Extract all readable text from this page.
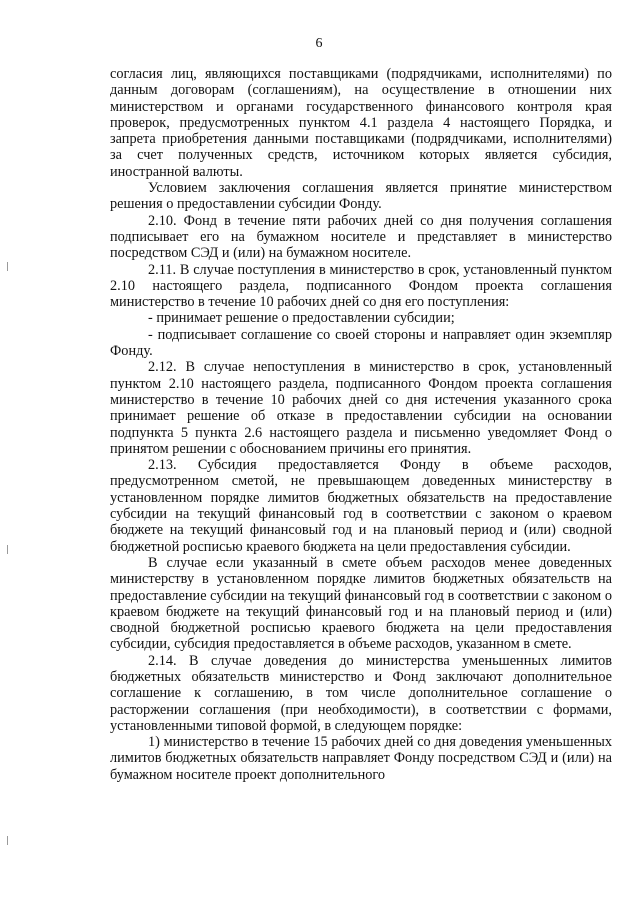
6

согласия лиц, являющихся поставщиками (подрядчиками, исполнителями) по данным договорам (соглашениям), на осуществление в отношении них министерством и органами государственного финансового контроля края проверок, предусмотренных пунктом 4.1 раздела 4 настоящего Порядка, и запрета приобретения данными поставщиками (подрядчиками, исполнителями) за счет полученных средств, источником которых является субсидия, иностранной валюты.

Условием заключения соглашения является принятие министерством решения о предоставлении субсидии Фонду.

2.10. Фонд в течение пяти рабочих дней со дня получения соглашения подписывает его на бумажном носителе и представляет в министерство посредством СЭД и (или) на бумажном носителе.

2.11. В случае поступления в министерство в срок, установленный пунктом 2.10 настоящего раздела, подписанного Фондом проекта соглашения министерство в течение 10 рабочих дней со дня его поступления:

- принимает решение о предоставлении субсидии;

- подписывает соглашение со своей стороны и направляет один экземпляр Фонду.

2.12. В случае непоступления в министерство в срок, установленный пунктом 2.10 настоящего раздела, подписанного Фондом проекта соглашения министерство в течение 10 рабочих дней со дня истечения указанного срока принимает решение об отказе в предоставлении субсидии на основании подпункта 5 пункта 2.6 настоящего раздела и письменно уведомляет Фонд о принятом решении с обоснованием причины его принятия.

2.13. Субсидия предоставляется Фонду в объеме расходов, предусмотренном сметой, не превышающем доведенных министерству в установленном порядке лимитов бюджетных обязательств на предоставление субсидии на текущий финансовый год в соответствии с законом о краевом бюджете на текущий финансовый год и на плановый период и (или) сводной бюджетной росписью краевого бюджета на цели предоставления субсидии.

В случае если указанный в смете объем расходов менее доведенных министерству в установленном порядке лимитов бюджетных обязательств на предоставление субсидии на текущий финансовый год в соответствии с законом о краевом бюджете на текущий финансовый год и на плановый период и (или) сводной бюджетной росписью краевого бюджета на цели предоставления субсидии, субсидия предоставляется в объеме расходов, указанном в смете.

2.14. В случае доведения до министерства уменьшенных лимитов бюджетных обязательств министерство и Фонд заключают дополнительное соглашение к соглашению, в том числе дополнительное соглашение о расторжении соглашения (при необходимости), в соответствии с формами, установленными типовой формой, в следующем порядке:

1) министерство в течение 15 рабочих дней со дня доведения уменьшенных лимитов бюджетных обязательств направляет Фонду посредством СЭД и (или) на бумажном носителе проект дополнительного
